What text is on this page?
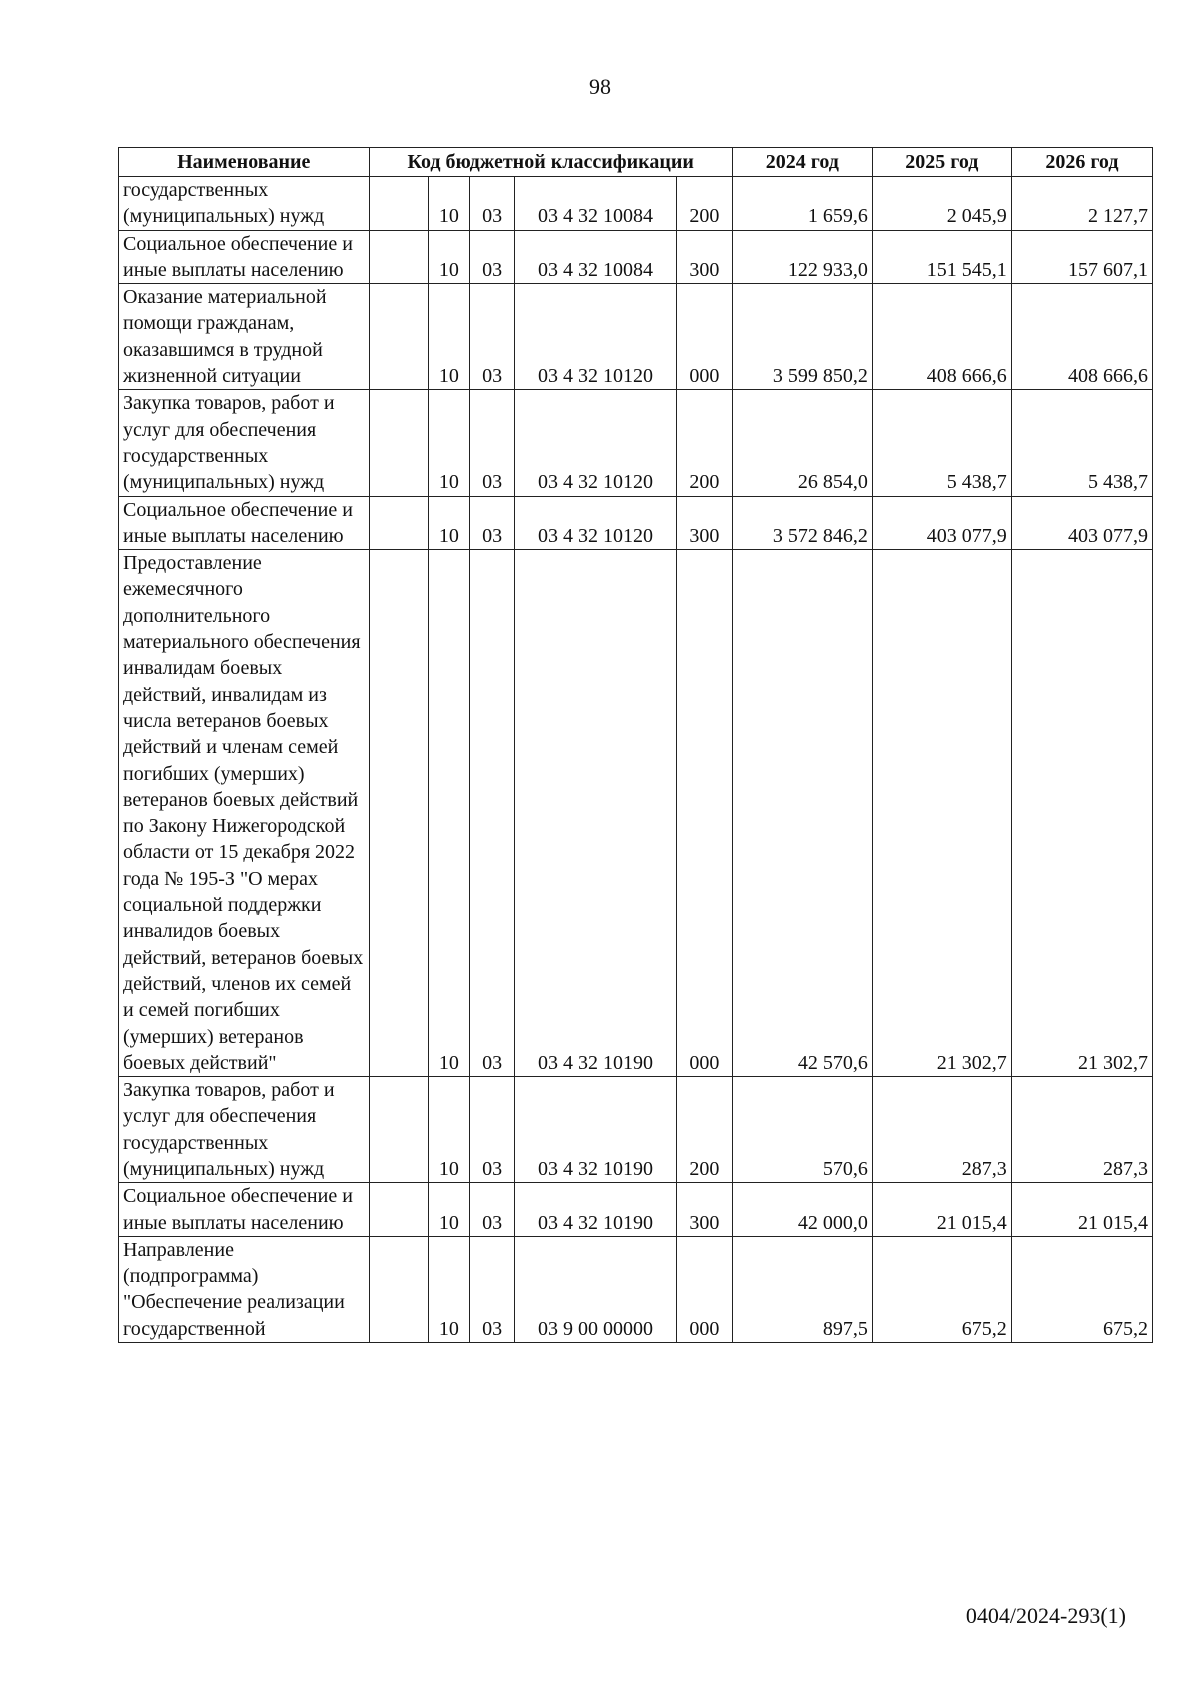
98
Наименование	Код бюджетной классификации					2024 год	2025 год	2026 год
государственных (муниципальных) нужд		10	03	03 4 32 10084	200	1 659,6	2 045,9	2 127,7
Социальное обеспечение и иные выплаты населению		10	03	03 4 32 10084	300	122 933,0	151 545,1	157 607,1
Оказание материальной помощи гражданам, оказавшимся в трудной жизненной ситуации		10	03	03 4 32 10120	000	3 599 850,2	408 666,6	408 666,6
Закупка товаров, работ и услуг для обеспечения государственных (муниципальных) нужд		10	03	03 4 32 10120	200	26 854,0	5 438,7	5 438,7
Социальное обеспечение и иные выплаты населению		10	03	03 4 32 10120	300	3 572 846,2	403 077,9	403 077,9
Предоставление ежемесячного дополнительного материального обеспечения инвалидам боевых действий, инвалидам из числа ветеранов боевых действий и членам семей погибших (умерших) ветеранов боевых действий по Закону Нижегородской области от 15 декабря 2022 года № 195-З "О мерах социальной поддержки инвалидов боевых действий, ветеранов боевых действий, членов их семей и семей погибших (умерших) ветеранов боевых действий"		10	03	03 4 32 10190	000	42 570,6	21 302,7	21 302,7
Закупка товаров, работ и услуг для обеспечения государственных (муниципальных) нужд		10	03	03 4 32 10190	200	570,6	287,3	287,3
Социальное обеспечение и иные выплаты населению		10	03	03 4 32 10190	300	42 000,0	21 015,4	21 015,4
Направление (подпрограмма) "Обеспечение реализации государственной		10	03	03 9 00 00000	000	897,5	675,2	675,2
0404/2024-293(1)
